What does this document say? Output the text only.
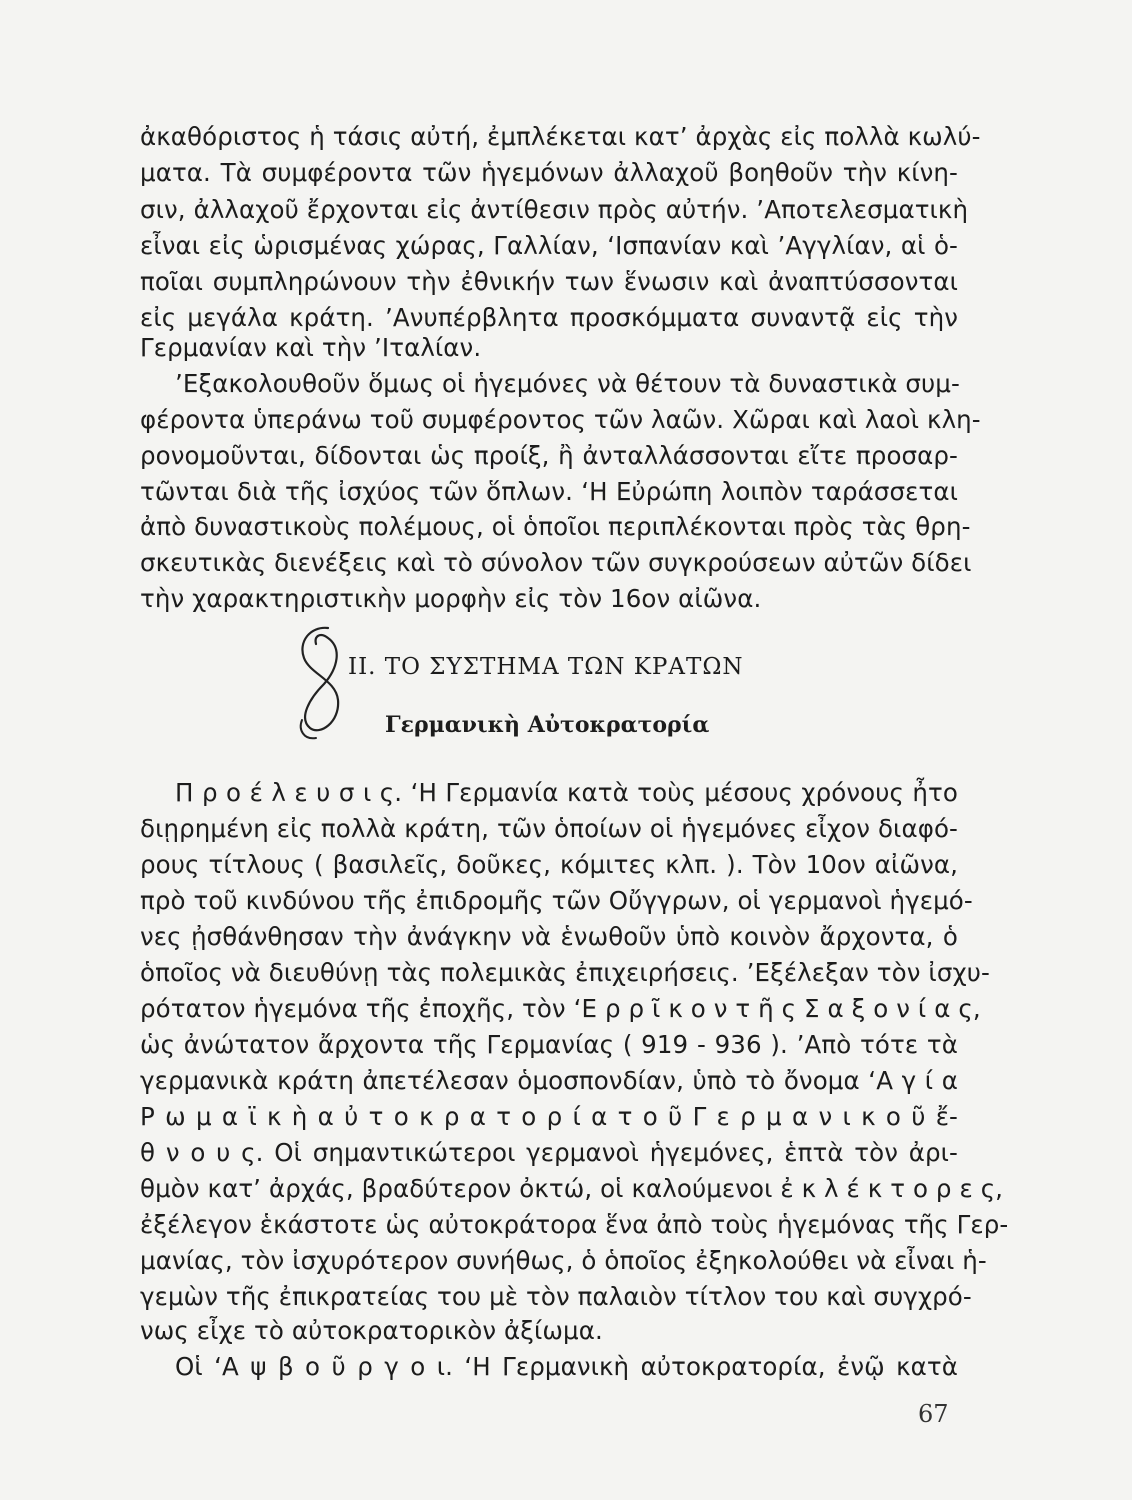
ἀκαθόριστος ἡ τάσις αὐτή, ἐμπλέκεται κατ’ ἀρχὰς εἰς πολλὰ κωλύ-
ματα. Τὰ συμφέροντα τῶν ἡγεμόνων ἀλλαχοῦ βοηθοῦν τὴν κίνη-
σιν, ἀλλαχοῦ ἔρχονται εἰς ἀντίθεσιν πρὸς αὐτήν. ’Αποτελεσματικὴ
εἶναι εἰς ὡρισμένας χώρας, Γαλλίαν, ‘Ισπανίαν καὶ ’Αγγλίαν, αἱ ὁ-
ποῖαι συμπληρώνουν τὴν ἐθνικήν των ἕνωσιν καὶ ἀναπτύσσονται
εἰς μεγάλα κράτη. ’Ανυπέρβλητα προσκόμματα συναντᾷ εἰς τὴν
Γερμανίαν καὶ τὴν ’Ιταλίαν.
’Εξακολουθοῦν ὅμως οἱ ἡγεμόνες νὰ θέτουν τὰ δυναστικὰ συμ-
φέροντα ὑπεράνω τοῦ συμφέροντος τῶν λαῶν. Χῶραι καὶ λαοὶ κλη-
ρονομοῦνται, δίδονται ὡς προίξ, ἢ ἀνταλλάσσονται εἴτε προσαρ-
τῶνται διὰ τῆς ἰσχύος τῶν ὅπλων. ‘Η Εὐρώπη λοιπὸν ταράσσεται
ἀπὸ δυναστικοὺς πολέμους, οἱ ὁποῖοι περιπλέκονται πρὸς τὰς θρη-
σκευτικὰς διενέξεις καὶ τὸ σύνολον τῶν συγκρούσεων αὐτῶν δίδει
τὴν χαρακτηριστικὴν μορφὴν εἰς τὸν 16ον αἰῶνα.
ΙΙ. ΤΟ ΣΥΣΤΗΜΑ ΤΩΝ ΚΡΑΤΩΝ
Γερμανικὴ Αὐτοκρατορία
Π ρ ο έ λ ε υ σ ι ς. ‘Η Γερμανία κατὰ τοὺς μέσους χρόνους ἦτο
διῃρημένη εἰς πολλὰ κράτη, τῶν ὁποίων οἱ ἡγεμόνες εἶχον διαφό-
ρους τίτλους ( βασιλεῖς, δοῦκες, κόμιτες κλπ. ). Τὸν 10ον αἰῶνα,
πρὸ τοῦ κινδύνου τῆς ἐπιδρομῆς τῶν Οὔγγρων, οἱ γερμανοὶ ἡγεμό-
νες ᾐσθάνθησαν τὴν ἀνάγκην νὰ ἑνωθοῦν ὑπὸ κοινὸν ἄρχοντα, ὁ
ὁποῖος νὰ διευθύνῃ τὰς πολεμικὰς ἐπιχειρήσεις. ’Εξέλεξαν τὸν ἰσχυ-
ρότατον ἡγεμόνα τῆς ἐποχῆς, τὸν ‘Ε ρ ρ ῖ κ ο ν τ ῆ ς Σ α ξ ο ν ί α ς,
ὡς ἀνώτατον ἄρχοντα τῆς Γερμανίας ( 919 - 936 ). ’Απὸ τότε τὰ
γερμανικὰ κράτη ἀπετέλεσαν ὁμοσπονδίαν, ὑπὸ τὸ ὄνομα ‘Α γ ί α
Ρ ω μ α ϊ κ ὴ α ὐ τ ο κ ρ α τ ο ρ ί α τ ο ῦ Γ ε ρ μ α ν ι κ ο ῦ ἔ-
θ ν ο υ ς. Οἱ σημαντικώτεροι γερμανοὶ ἡγεμόνες, ἑπτὰ τὸν ἀρι-
θμὸν κατ’ ἀρχάς, βραδύτερον ὀκτώ, οἱ καλούμενοι ἐ κ λ έ κ τ ο ρ ε ς,
ἐξέλεγον ἑκάστοτε ὡς αὐτοκράτορα ἕνα ἀπὸ τοὺς ἡγεμόνας τῆς Γερ-
μανίας, τὸν ἰσχυρότερον συνήθως, ὁ ὁποῖος ἐξηκολούθει νὰ εἶναι ἡ-
γεμὼν τῆς ἐπικρατείας του μὲ τὸν παλαιὸν τίτλον του καὶ συγχρό-
νως εἶχε τὸ αὐτοκρατορικὸν ἀξίωμα.
Οἱ ‘Α ψ β ο ῦ ρ γ ο ι. ‘Η Γερμανικὴ αὐτοκρατορία, ἐνῷ κατὰ
67
